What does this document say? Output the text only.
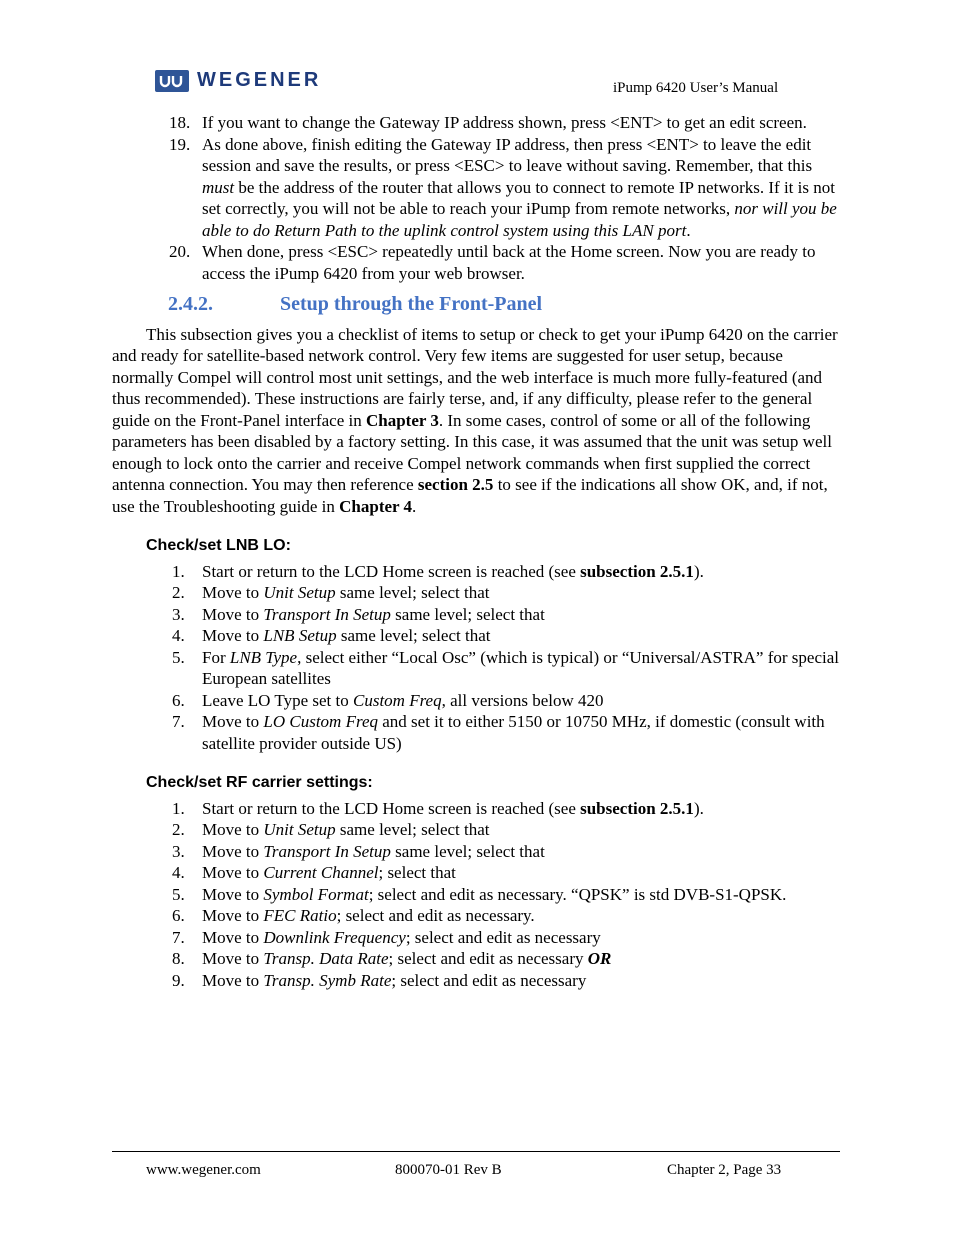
WEGENER	iPump 6420 User’s Manual
18. If you want to change the Gateway IP address shown, press <ENT> to get an edit screen.
19. As done above, finish editing the Gateway IP address, then press <ENT> to leave the edit session and save the results, or press <ESC> to leave without saving. Remember, that this must be the address of the router that allows you to connect to remote IP networks. If it is not set correctly, you will not be able to reach your iPump from remote networks, nor will you be able to do Return Path to the uplink control system using this LAN port.
20. When done, press <ESC> repeatedly until back at the Home screen. Now you are ready to access the iPump 6420 from your web browser.
2.4.2.	Setup through the Front-Panel

This subsection gives you a checklist of items to setup or check to get your iPump 6420 on the carrier and ready for satellite-based network control. Very few items are suggested for user setup, because normally Compel will control most unit settings, and the web interface is much more fully-featured (and thus recommended). These instructions are fairly terse, and, if any difficulty, please refer to the general guide on the Front-Panel interface in Chapter 3. In some cases, control of some or all of the following parameters has been disabled by a factory setting. In this case, it was assumed that the unit was setup well enough to lock onto the carrier and receive Compel network commands when first supplied the correct antenna connection. You may then reference section 2.5 to see if the indications all show OK, and, if not, use the Troubleshooting guide in Chapter 4.

Check/set LNB LO:
1. Start or return to the LCD Home screen is reached (see subsection 2.5.1).
2. Move to Unit Setup same level; select that
3. Move to Transport In Setup same level; select that
4. Move to LNB Setup same level; select that
5. For LNB Type, select either “Local Osc” (which is typical) or “Universal/ASTRA” for special European satellites
6. Leave LO Type set to Custom Freq, all versions below 420
7. Move to LO Custom Freq and set it to either 5150 or 10750 MHz, if domestic (consult with satellite provider outside US)
Check/set RF carrier settings:
1. Start or return to the LCD Home screen is reached (see subsection 2.5.1).
2. Move to Unit Setup same level; select that
3. Move to Transport In Setup same level; select that
4. Move to Current Channel; select that
5. Move to Symbol Format; select and edit as necessary. “QPSK” is std DVB-S1-QPSK.
6. Move to FEC Ratio; select and edit as necessary.
7. Move to Downlink Frequency; select and edit as necessary
8. Move to Transp. Data Rate; select and edit as necessary OR
9. Move to Transp. Symb Rate; select and edit as necessary
www.wegener.com	800070-01 Rev B	Chapter 2, Page 33
